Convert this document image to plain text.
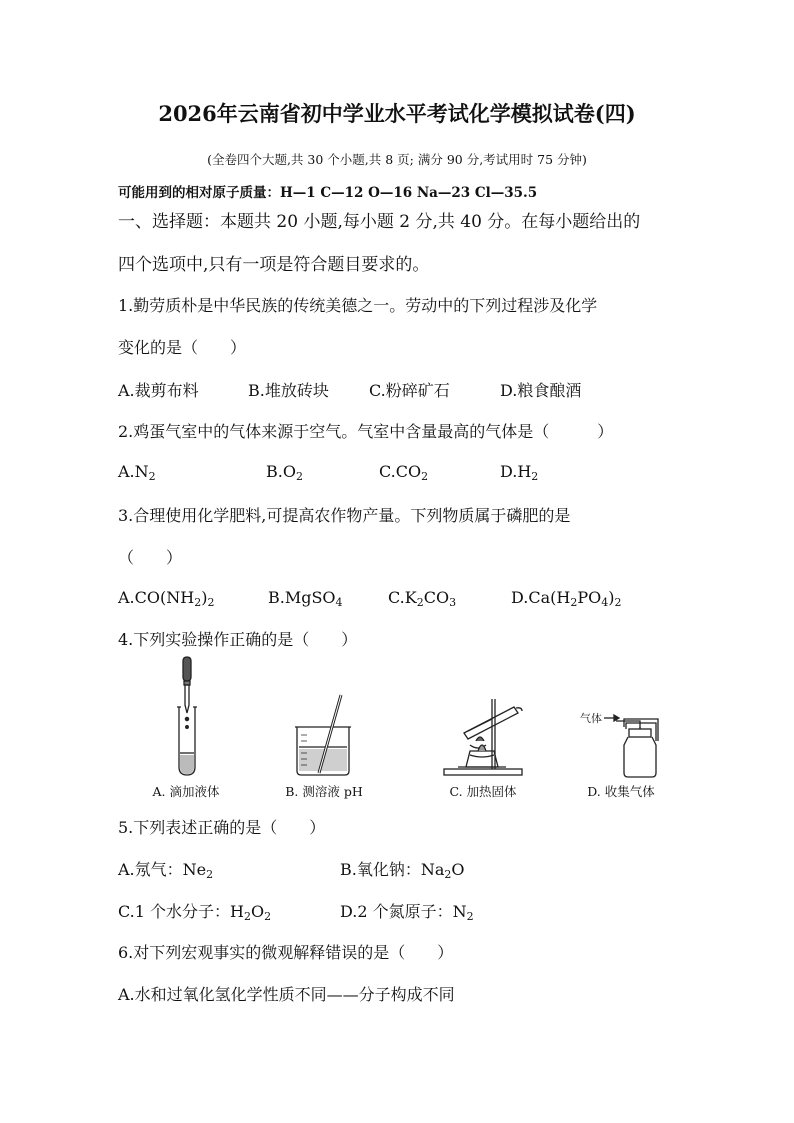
2026年云南省初中学业水平考试化学模拟试卷(四)
(全卷四个大题,共 30 个小题,共 8 页; 满分 90 分,考试用时 75 分钟)
可能用到的相对原子质量：H—1 C—12 O—16 Na—23 Cl—35.5
一、选择题：本题共 20 小题,每小题 2 分,共 40 分。在每小题给出的
四个选项中,只有一项是符合题目要求的。
1.勤劳质朴是中华民族的传统美德之一。劳动中的下列过程涉及化学
变化的是（　　）
A.裁剪布料	B.堆放砖块	C.粉碎矿石	D.粮食酿酒
2.鸡蛋气室中的气体来源于空气。气室中含量最高的气体是（　　　）
$A.N_2$	$B.O_2$	$C.CO_2$	$D.H_2$
3.合理使用化学肥料,可提高农作物产量。下列物质属于磷肥的是
（　　）
$A.CO(NH_2)_2$	B.MgSO$_4$	$C.K_2CO_3$	$D.Ca(H_2PO_4)_2$
4.下列实验操作正确的是（　　）
A. 滴加液体	B. 测溶液 pH	C. 加热固体
气体
D. 收集气体
5.下列表述正确的是（　　）
A.氖气：$Ne_2$	B.氧化钠：$Na_2O$
C.1 个水分子：$H_2O_2$	D.2 个氮原子：$N_2$
6.对下列宏观事实的微观解释错误的是（　　）
A.水和过氧化氢化学性质不同——分子构成不同
